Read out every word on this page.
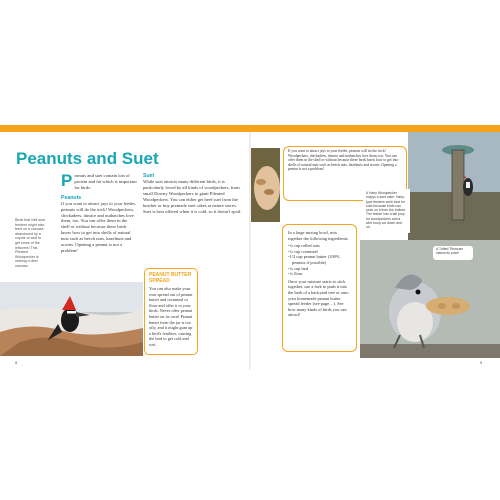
Peanuts and Suet
Birds that visit suet feeders might also feed on a carcass abandoned by a coyote or wolf to get some of the leftovers! This Pileated Woodpecker is making a deer carcass.

Peanuts and suet contain lots of protein and fat which is important for birds.

Peanuts

If you want to attract jays to your feeder, peanuts will do the trick! Woodpeckers, chickadees, titmice and nuthatches love them, too. You can offer them in the shell or without because these birds know how to get into shells of natural nuts such as beech nuts, hazelnuts and acorns. Opening a peanut is not a problem!

Suet

While suet attracts many different birds, it is particularly loved by all kinds of woodpeckers, from small Downy Woodpeckers to giant Pileated Woodpeckers. You can either get beef suet from the butcher or buy premade suet cakes at nature stores. Suet is best offered when it is cold, so it doesn't spoil.

PEANUT BUTTER SPREAD
You can also make your own spread out of peanut butter and cornmeal or flour and offer it to your birds. Never offer peanut butter on its own! Peanut butter from the jar is too oily, and it might gum up a bird's feathers, causing the bird to get cold and wet.
8
If you want to attract jays to your feeder, peanuts will do the trick! Woodpeckers, chickadees, titmice and nuthatches love them, too. You can offer them in the shell or without because these birds know how to get into shells of natural nuts such as beech nuts, hazelnuts and acorns. Opening a peanut is not a problem!
A Hairy Woodpecker enjoys a suet cake. Hairy-type feeders work best for suet because birds can peck on it from the bottom. The feeder has a tail prop for woodpeckers and a wire hoop cut down and on.
In a large mixing bowl, mix together the following ingredients.
• ¼ cup rolled oats
• ¼ cup cornmeal
• 1/3 cup peanut butter (100% peanuts if possible)
• ¼ cup lard
• ¼ flour
Once your mixture starts to stick together, use a fork to push it into the bark of a backyard tree or onto your homemade peanut butter spread feeder (see page…). See how many kinds of birds you can attract!
A Tufted Titmouse claims its prize!
9
